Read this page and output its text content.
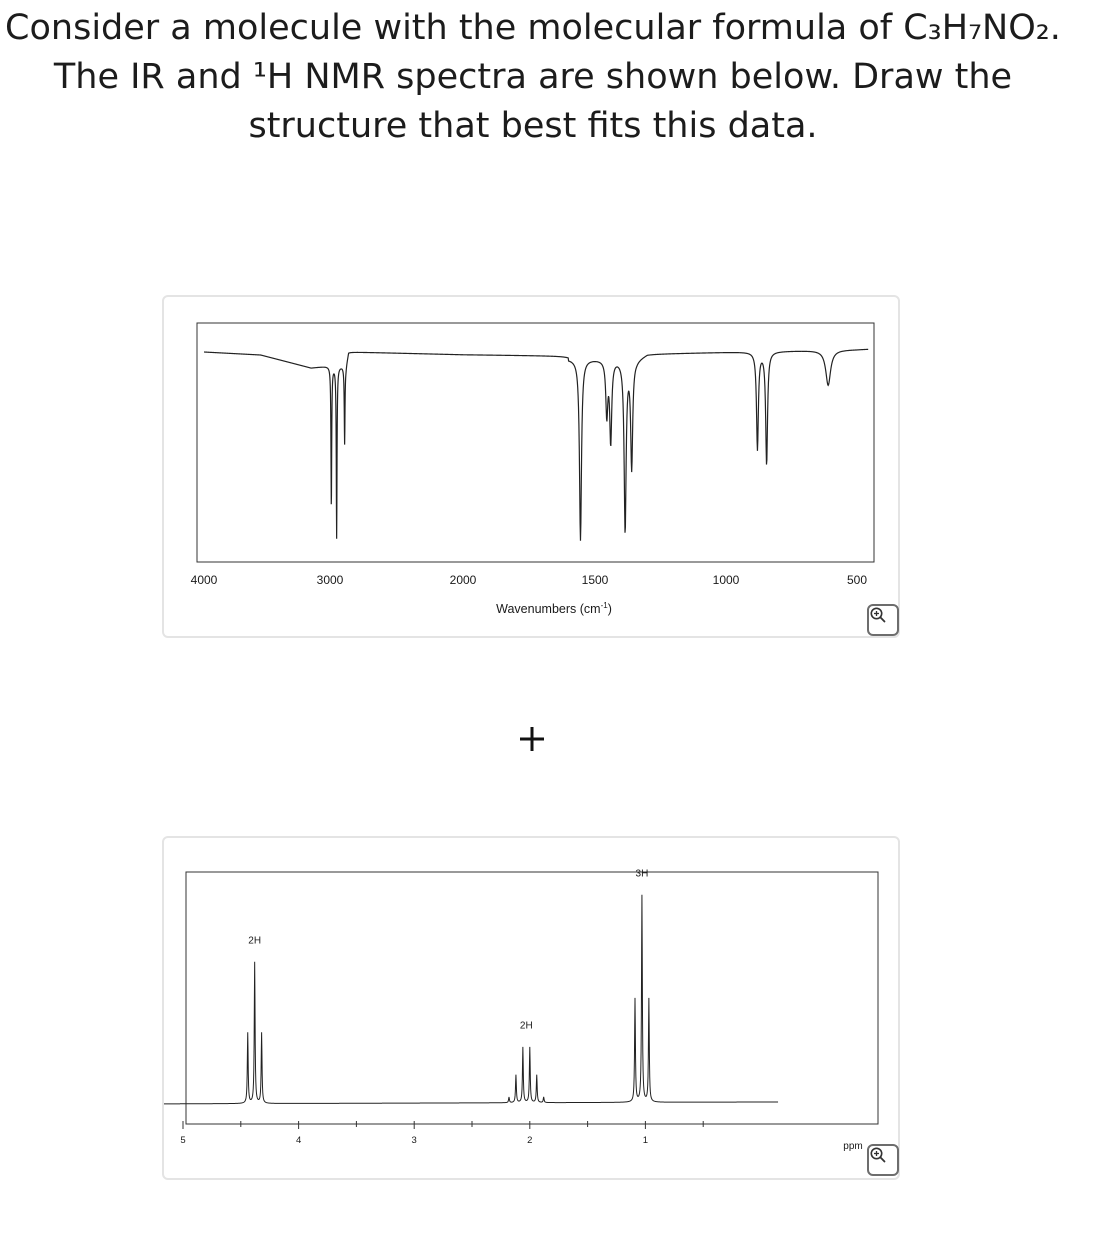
Consider a molecule with the molecular formula of C₃H₇NO₂.

The IR and ¹H NMR spectra are shown below. Draw the

structure that best fits this data.

4000	3000	2000	1500	1000	500
Wavenumbers $(cm^{-1})$
5	4	3	2	1
2H
2H
3H
ppm
